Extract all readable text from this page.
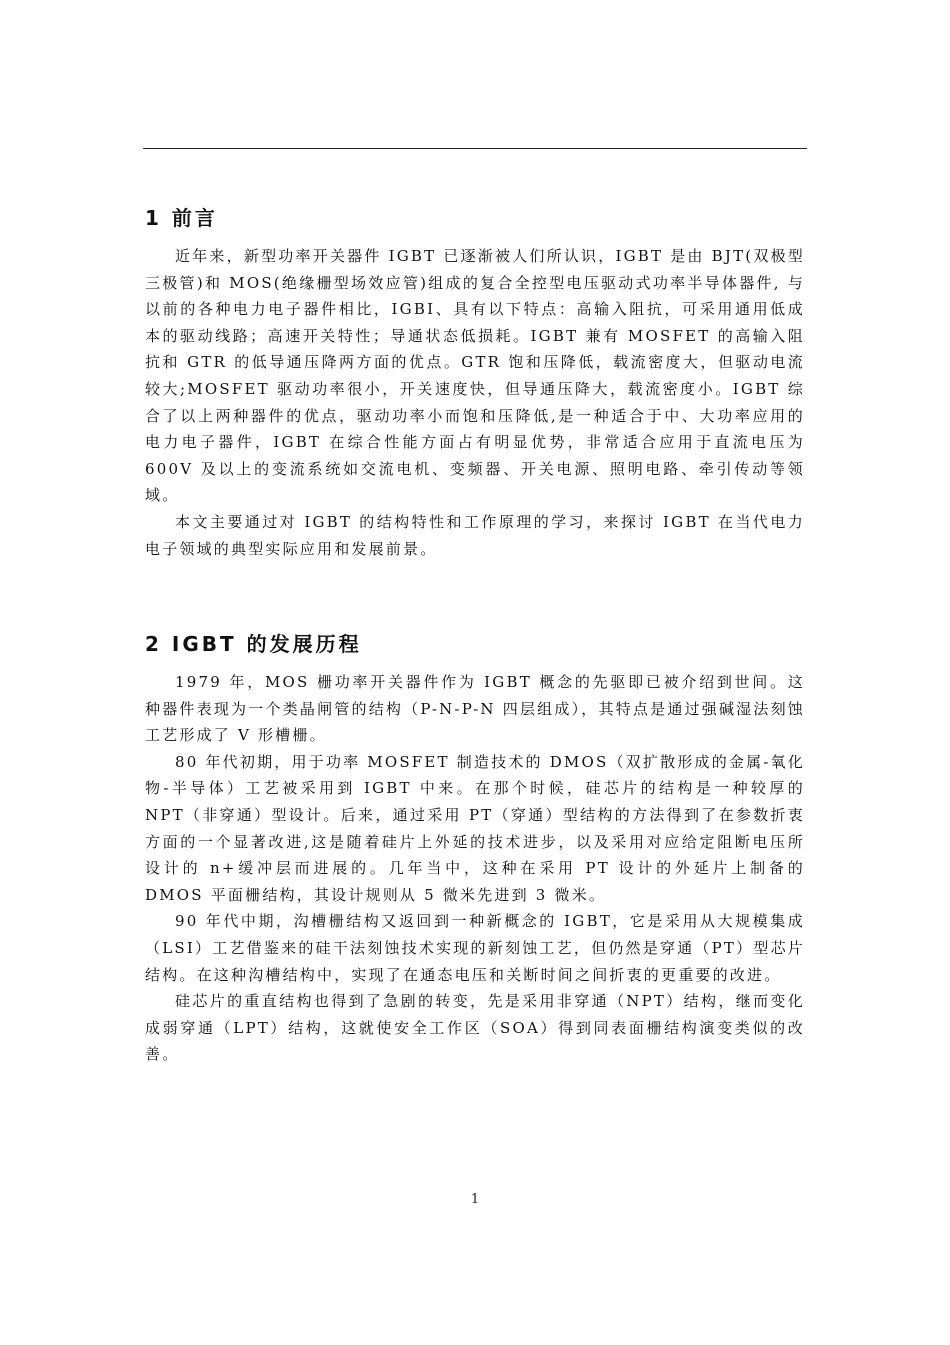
1 前言

近年来，新型功率开关器件 IGBT 已逐渐被人们所认识，IGBT 是由 BJT(双极型三极管)和 MOS(绝缘栅型场效应管)组成的复合全控型电压驱动式功率半导体器件, 与以前的各种电力电子器件相比，IGBI、具有以下特点：高输入阻抗，可采用通用低成本的驱动线路；高速开关特性；导通状态低损耗。IGBT 兼有 MOSFET 的高输入阻抗和 GTR 的低导通压降两方面的优点。GTR 饱和压降低，载流密度大，但驱动电流较大;MOSFET 驱动功率很小，开关速度快，但导通压降大，载流密度小。IGBT 综合了以上两种器件的优点，驱动功率小而饱和压降低,是一种适合于中、大功率应用的电力电子器件，IGBT 在综合性能方面占有明显优势，非常适合应用于直流电压为 600V 及以上的变流系统如交流电机、变频器、开关电源、照明电路、牵引传动等领域。

本文主要通过对 IGBT 的结构特性和工作原理的学习，来探讨 IGBT 在当代电力电子领域的典型实际应用和发展前景。

2 IGBT 的发展历程

1979 年，MOS 栅功率开关器件作为 IGBT 概念的先驱即已被介绍到世间。这种器件表现为一个类晶闸管的结构（P-N-P-N 四层组成），其特点是通过强碱湿法刻蚀工艺形成了 V 形槽栅。

80 年代初期，用于功率 MOSFET 制造技术的 DMOS（双扩散形成的金属-氧化物-半导体）工艺被采用到 IGBT 中来。在那个时候，硅芯片的结构是一种较厚的 NPT（非穿通）型设计。后来，通过采用 PT（穿通）型结构的方法得到了在参数折衷方面的一个显著改进,这是随着硅片上外延的技术进步，以及采用对应给定阻断电压所设计的 n+缓冲层而进展的。几年当中，这种在采用 PT 设计的外延片上制备的 DMOS 平面栅结构，其设计规则从 5 微米先进到 3 微米。

90 年代中期，沟槽栅结构又返回到一种新概念的 IGBT，它是采用从大规模集成（LSI）工艺借鉴来的硅干法刻蚀技术实现的新刻蚀工艺，但仍然是穿通（PT）型芯片结构。在这种沟槽结构中，实现了在通态电压和关断时间之间折衷的更重要的改进。

硅芯片的重直结构也得到了急剧的转变，先是采用非穿通（NPT）结构，继而变化成弱穿通（LPT）结构，这就使安全工作区（SOA）得到同表面栅结构演变类似的改善。

1
